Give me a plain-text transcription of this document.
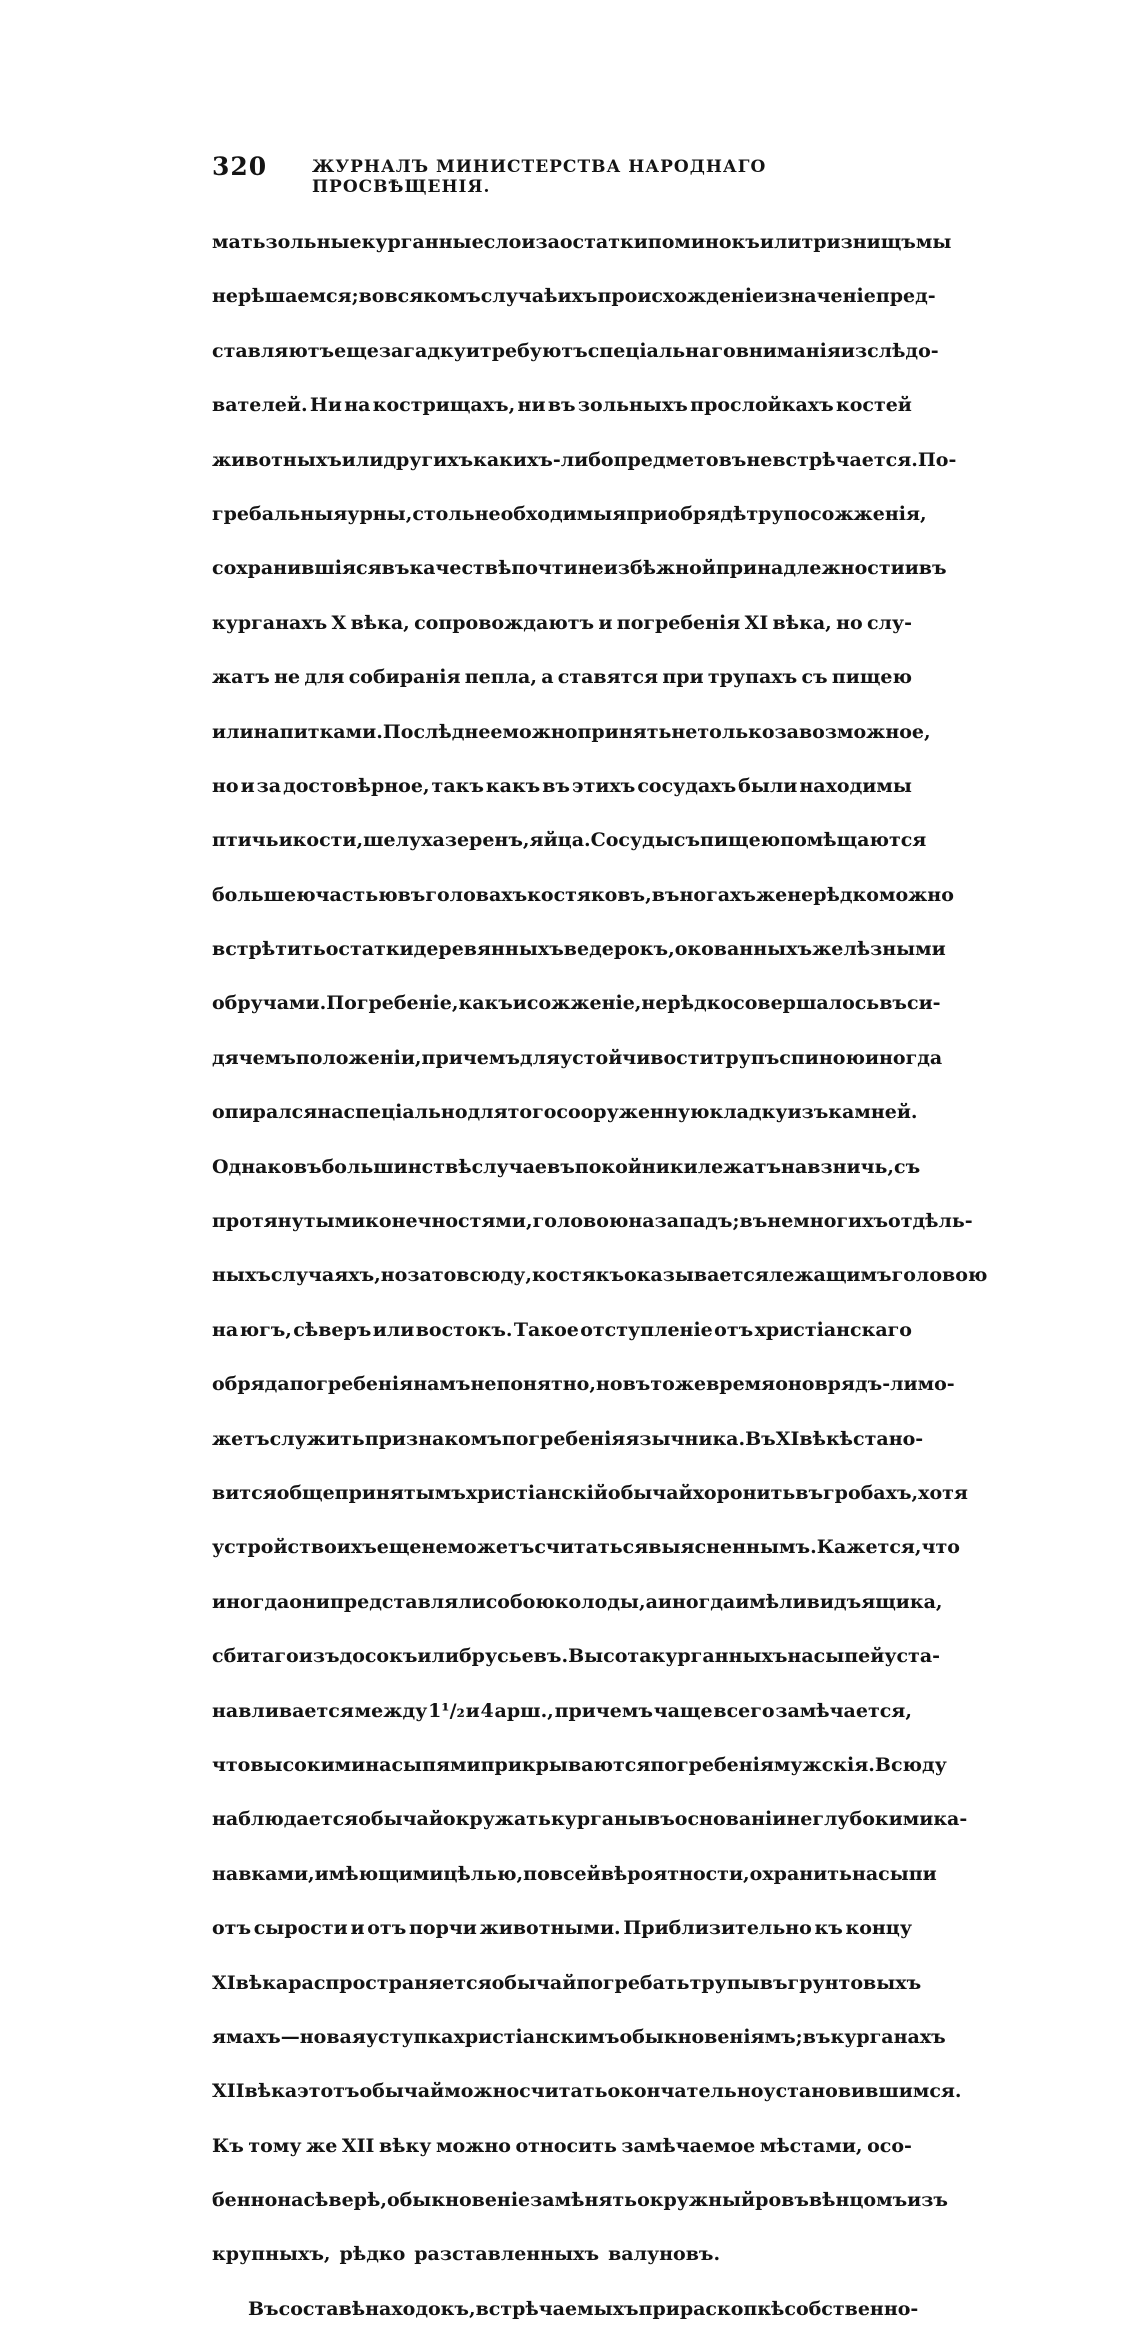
320	ЖУРНАЛЪ МИНИСТЕРСТВА НАРОДНАГО ПРОСВѢЩЕНІЯ.

мать зольные курганные слои за остатки поминокъ или тризнищъ мы

не рѣшаемся; во всякомъ случаѣ ихъ происхожденіе и значеніе пред-

ставляютъ еще загадку и требуютъ спеціальнаго вниманія изслѣдо-

вателей. Ни на кострищахъ, ни въ зольныхъ прослойкахъ костей

животныхъ или другихъ какихъ-либо предметовъ не встрѣчается. По-

гребальныя урны, столь необходимыя при обрядѣ трупосожженія,

сохранившіяся въ качествѣ почти неизбѣжной принадлежности и въ

курганахъ X вѣка, сопровождаютъ и погребенія XI вѣка, но слу-

жатъ не для собиранія пепла, а ставятся при трупахъ съ пищею

или напитками. Послѣднее можно принять не только за возможное,

но и за достовѣрное, такъ какъ въ этихъ сосудахъ были находимы

птичьи кости, шелуха зеренъ, яйца. Сосуды съ пищею помѣщаются

большею частью въ головахъ костяковъ, въ ногахъ же нерѣдко можно

встрѣтить остатки деревянныхъ ведерокъ, окованныхъ желѣзными

обручами. Погребеніе, какъ и сожженіе, нерѣдко совершалось въ си-

дячемъ положеніи, причемъ для устойчивости трупъ спиною иногда

опирался на спеціально для того сооруженную кладку изъ камней.

Однако въ большинствѣ случаевъ покойники лежатъ навзничь, съ

протянутыми конечностями, головою на западъ; въ немногихъ отдѣль-

ныхъ случаяхъ, но зато всюду, костякъ оказывается лежащимъ головою

на югъ, сѣверъ или востокъ. Такое отступленіе отъ христіанскаго

обряда погребенія намъ непонятно, но въ то же время оно врядъ-ли мо-

жетъ служить признакомъ погребенія язычника. Въ XI вѣкѣ стано-

вится общепринятымъ христіанскій обычай хоронить въ гробахъ, хотя

устройство ихъ еще не можетъ считаться выясненнымъ. Кажется, что

иногда они представляли собою колоды, а иногда имѣли видъ ящика,

сбитаго изъ досокъ или брусьевъ. Высота курганныхъ насыпей уста-

навливается между 1¹/₂ и 4 арш., причемъ чаще всего замѣчается,

что высокими насыпями прикрываются погребенія мужскія. Всюду

наблюдается обычай окружать курганы въ основаніи неглубокими ка-

навками, имѣющими цѣлью, по всей вѣроятности, охранить насыпи

отъ сырости и отъ порчи животными. Приблизительно къ концу

XI вѣка распространяется обычай погребать трупы въ грунтовыхъ

ямахъ—новая уступка христіанскимъ обыкновеніямъ; въ курганахъ

XII вѣка этотъ обычай можно считать окончательно установившимся.

Къ тому же XII вѣку можно относить замѣчаемое мѣстами, осо-

бенно на сѣверѣ, обыкновеніе замѣнять окружный ровъ вѣнцомъ изъ

крупныхъ, рѣдко разставленныхъ валуновъ.

Въ составѣ находокъ, встрѣчаемыхъ при раскопкѣ собственно-
